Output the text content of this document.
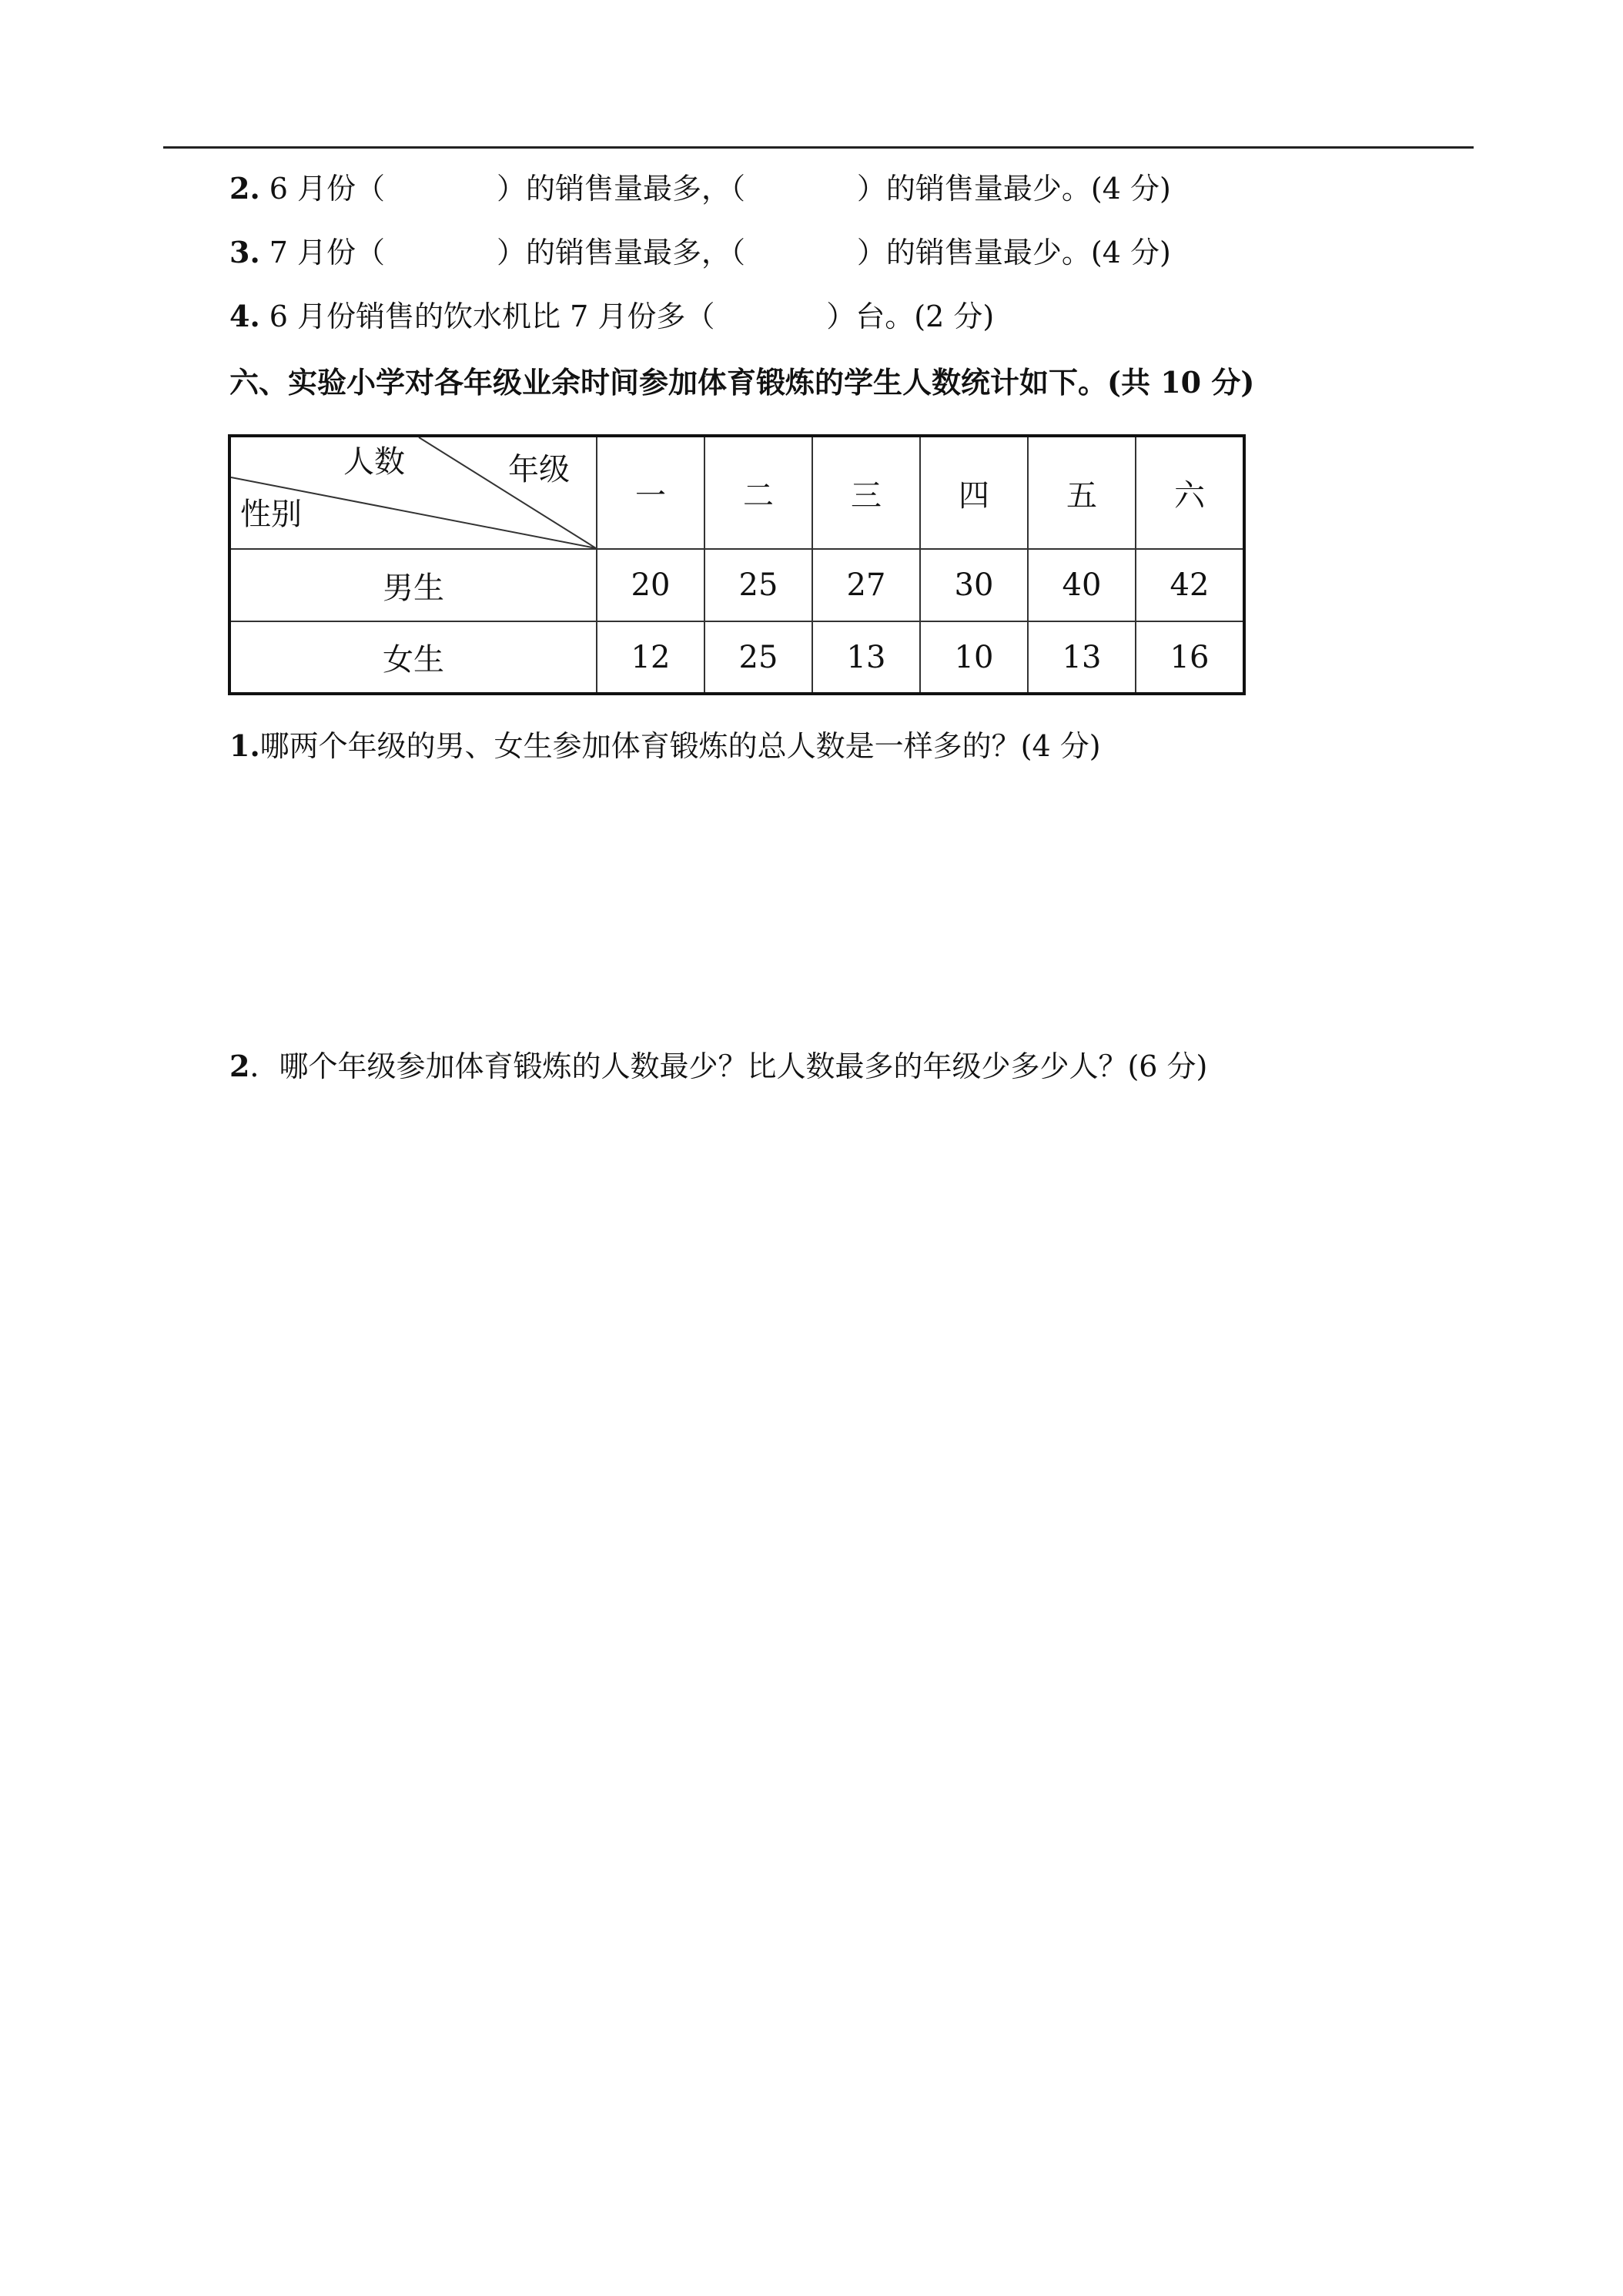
2. 6 月份（            ）的销售量最多，（            ）的销售量最少。(4 分)
3. 7 月份（            ）的销售量最多，（            ）的销售量最少。(4 分)
4. 6 月份销售的饮水机比 7 月份多（            ）台。(2 分)
六、实验小学对各年级业余时间参加体育锻炼的学生人数统计如下。(共 10 分)
人数 年级
性别	一	二	三	四	五	六
男生	20	25	27	30	40	42
女生	12	25	13	10	13	16
1.哪两个年级的男、女生参加体育锻炼的总人数是一样多的？(4 分)
2．哪个年级参加体育锻炼的人数最少？比人数最多的年级少多少人？(6 分)
